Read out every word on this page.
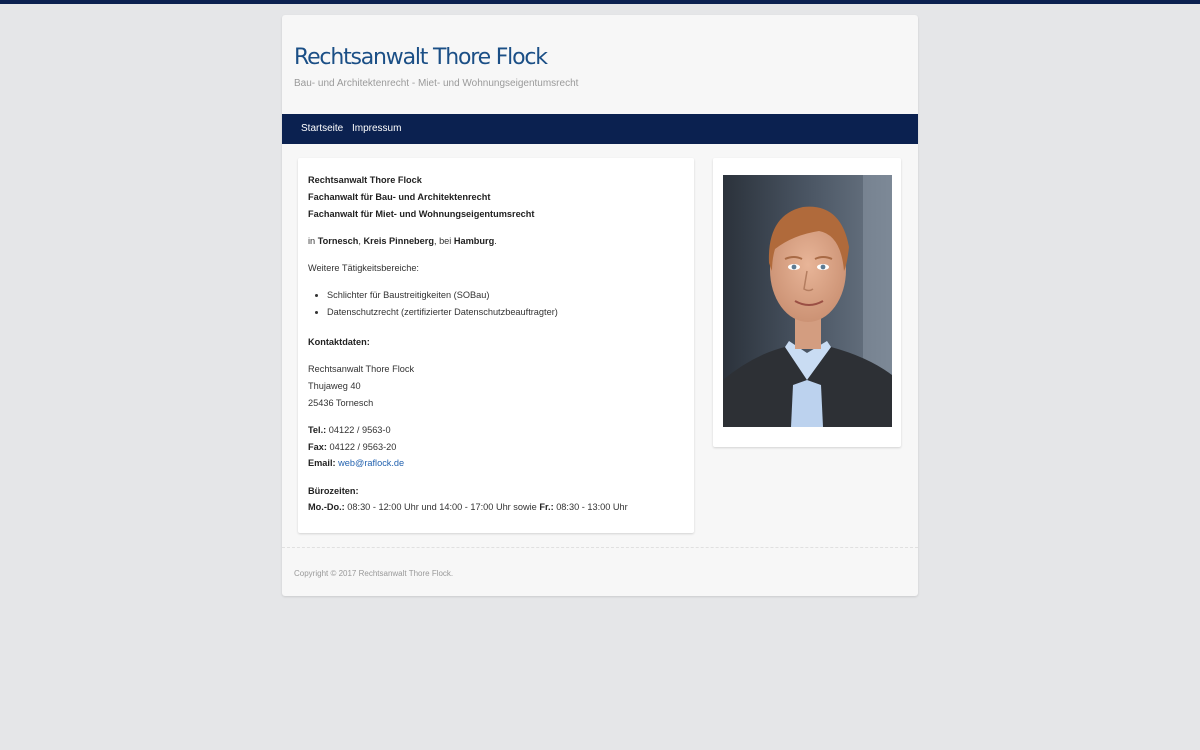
Rechtsanwalt Thore Flock
Bau- und Architektenrecht - Miet- und Wohnungseigentumsrecht
Startseite Impressum

Rechtsanwalt Thore Flock
Fachanwalt für Bau- und Architektenrecht
Fachanwalt für Miet- und Wohnungseigentumsrecht

in Tornesch, Kreis Pinneberg, bei Hamburg.

Weitere Tätigkeitsbereiche:

• Schlichter für Baustreitigkeiten (SOBau)
• Datenschutzrecht (zertifizierter Datenschutzbeauftragter)

Kontaktdaten:

Rechtsanwalt Thore Flock
Thujaweg 40
25436 Tornesch

Tel.: 04122 / 9563-0
Fax: 04122 / 9563-20
Email: web@raflock.de

Bürozeiten:
Mo.-Do.: 08:30 - 12:00 Uhr und 14:00 - 17:00 Uhr sowie Fr.: 08:30 - 13:00 Uhr

Copyright © 2017 Rechtsanwalt Thore Flock.
